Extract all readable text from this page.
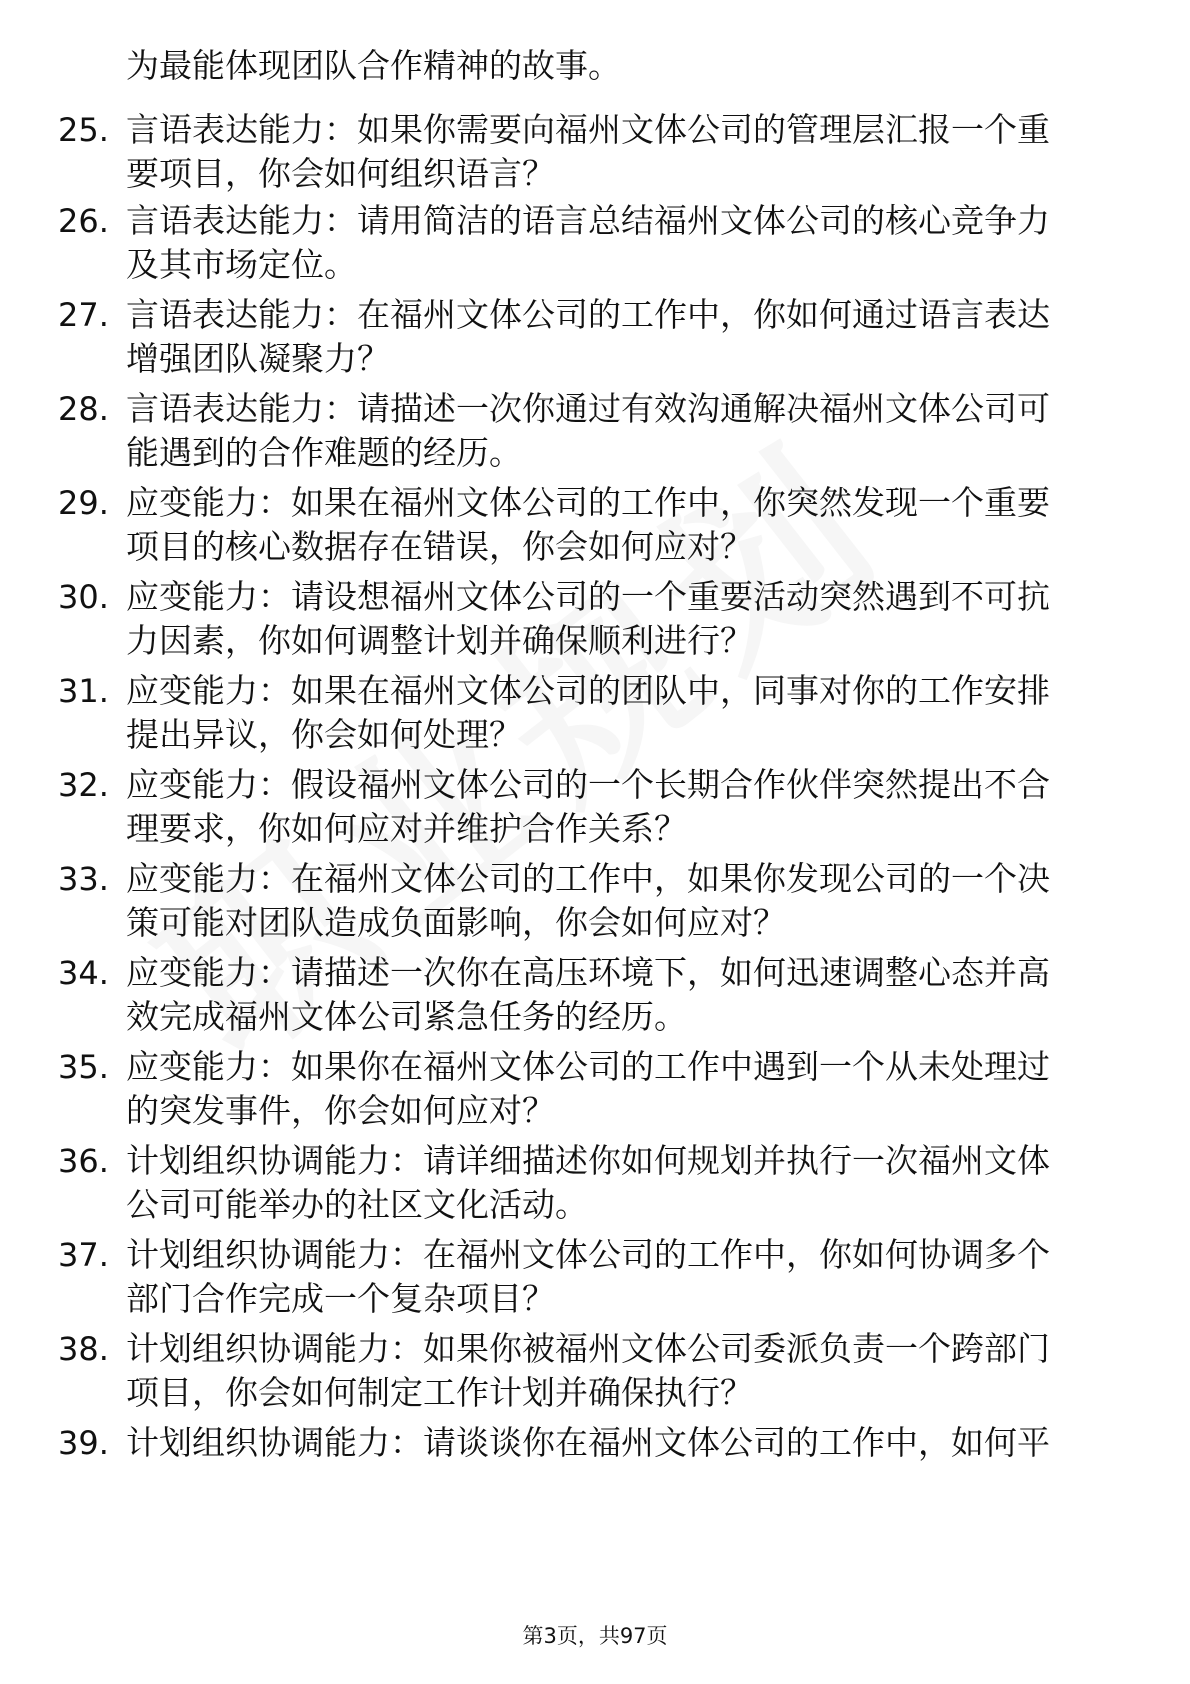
为最能体现团队合作精神的故事。
25. 言语表达能力：如果你需要向福州文体公司的管理层汇报一个重
要项目，你会如何组织语言？
26. 言语表达能力：请用简洁的语言总结福州文体公司的核心竞争力
及其市场定位。
27. 言语表达能力：在福州文体公司的工作中，你如何通过语言表达
增强团队凝聚力？
28. 言语表达能力：请描述一次你通过有效沟通解决福州文体公司可
能遇到的合作难题的经历。
29. 应变能力：如果在福州文体公司的工作中，你突然发现一个重要
项目的核心数据存在错误，你会如何应对？
30. 应变能力：请设想福州文体公司的一个重要活动突然遇到不可抗
力因素，你如何调整计划并确保顺利进行？
31. 应变能力：如果在福州文体公司的团队中，同事对你的工作安排
提出异议，你会如何处理？
32. 应变能力：假设福州文体公司的一个长期合作伙伴突然提出不合
理要求，你如何应对并维护合作关系？
33. 应变能力：在福州文体公司的工作中，如果你发现公司的一个决
策可能对团队造成负面影响，你会如何应对？
34. 应变能力：请描述一次你在高压环境下，如何迅速调整心态并高
效完成福州文体公司紧急任务的经历。
35. 应变能力：如果你在福州文体公司的工作中遇到一个从未处理过
的突发事件，你会如何应对？
36. 计划组织协调能力：请详细描述你如何规划并执行一次福州文体
公司可能举办的社区文化活动。
37. 计划组织协调能力：在福州文体公司的工作中，你如何协调多个
部门合作完成一个复杂项目？
38. 计划组织协调能力：如果你被福州文体公司委派负责一个跨部门
项目，你会如何制定工作计划并确保执行？
39. 计划组织协调能力：请谈谈你在福州文体公司的工作中，如何平
第3页，共97页
